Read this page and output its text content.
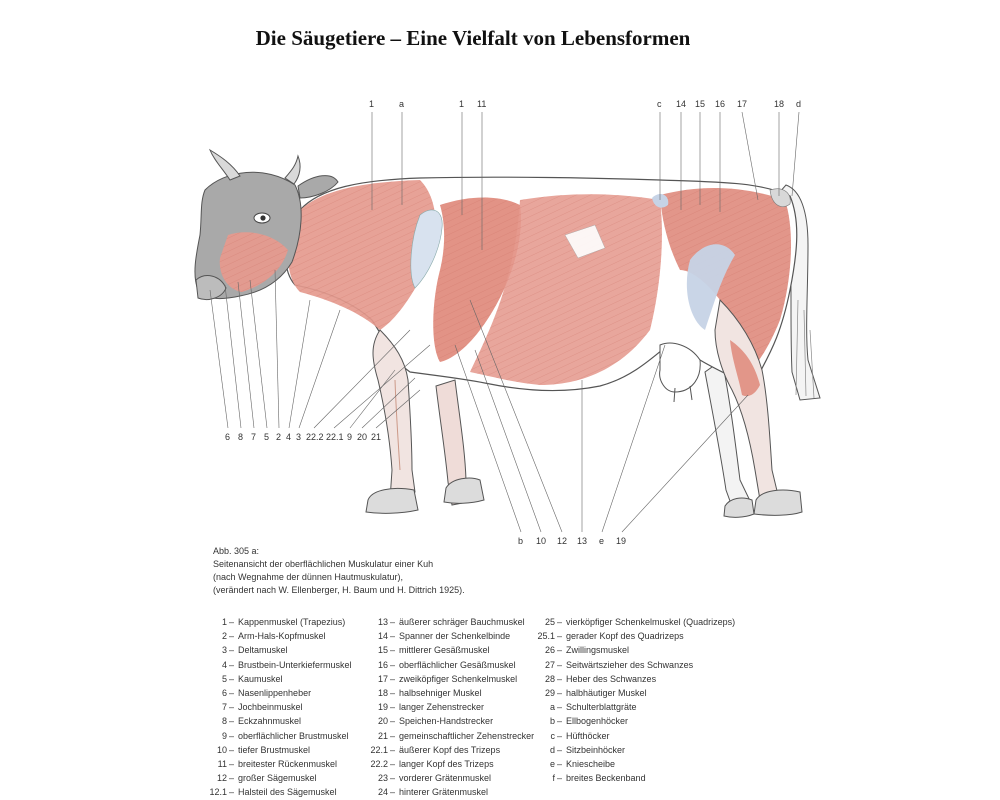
Die Säugetiere – Eine Vielfalt von Lebensformen
1	a	1 11	c 14 15 16 17	18 d
6 8 7 5 2 4 3 22.2 22.1 9 20 21
b 10 12 13 e 19
Abb. 305 a:
Seitenansicht der oberflächlichen Muskulatur einer Kuh
(nach Wegnahme der dünnen Hautmuskulatur),
(verändert nach W. Ellenberger, H. Baum und H. Dittrich 1925).
1 – Kappenmuskel (Trapezius)
2 – Arm-Hals-Kopfmuskel
3 – Deltamuskel
4 – Brustbein-Unterkiefermuskel
5 – Kaumuskel
6 – Nasenlippenheber
7 – Jochbeinmuskel
8 – Eckzahnmuskel
9 – oberflächlicher Brustmuskel
10 – tiefer Brustmuskel
11 – breitester Rückenmuskel
12 – großer Sägemuskel
12.1 – Halsteil des Sägemuskel
13 – äußerer schräger Bauchmuskel
14 – Spanner der Schenkelbinde
15 – mittlerer Gesäßmuskel
16 – oberflächlicher Gesäßmuskel
17 – zweiköpfiger Schenkelmuskel
18 – halbsehniger Muskel
19 – langer Zehenstrecker
20 – Speichen-Handstrecker
21 – gemeinschaftlicher Zehenstrecker
22.1 – äußerer Kopf des Trizeps
22.2 – langer Kopf des Trizeps
23 – vorderer Grätenmuskel
24 – hinterer Grätenmuskel
25 – vierköpfiger Schenkelmuskel (Quadrizeps)
25.1 – gerader Kopf des Quadrizeps
26 – Zwillingsmuskel
27 – Seitwärtszieher des Schwanzes
28 – Heber des Schwanzes
29 – halbhäutiger Muskel
a – Schulterblattgräte
b – Ellbogenhöcker
c – Hüfthöcker
d – Sitzbeinhöcker
e – Kniescheibe
f – breites Beckenband
